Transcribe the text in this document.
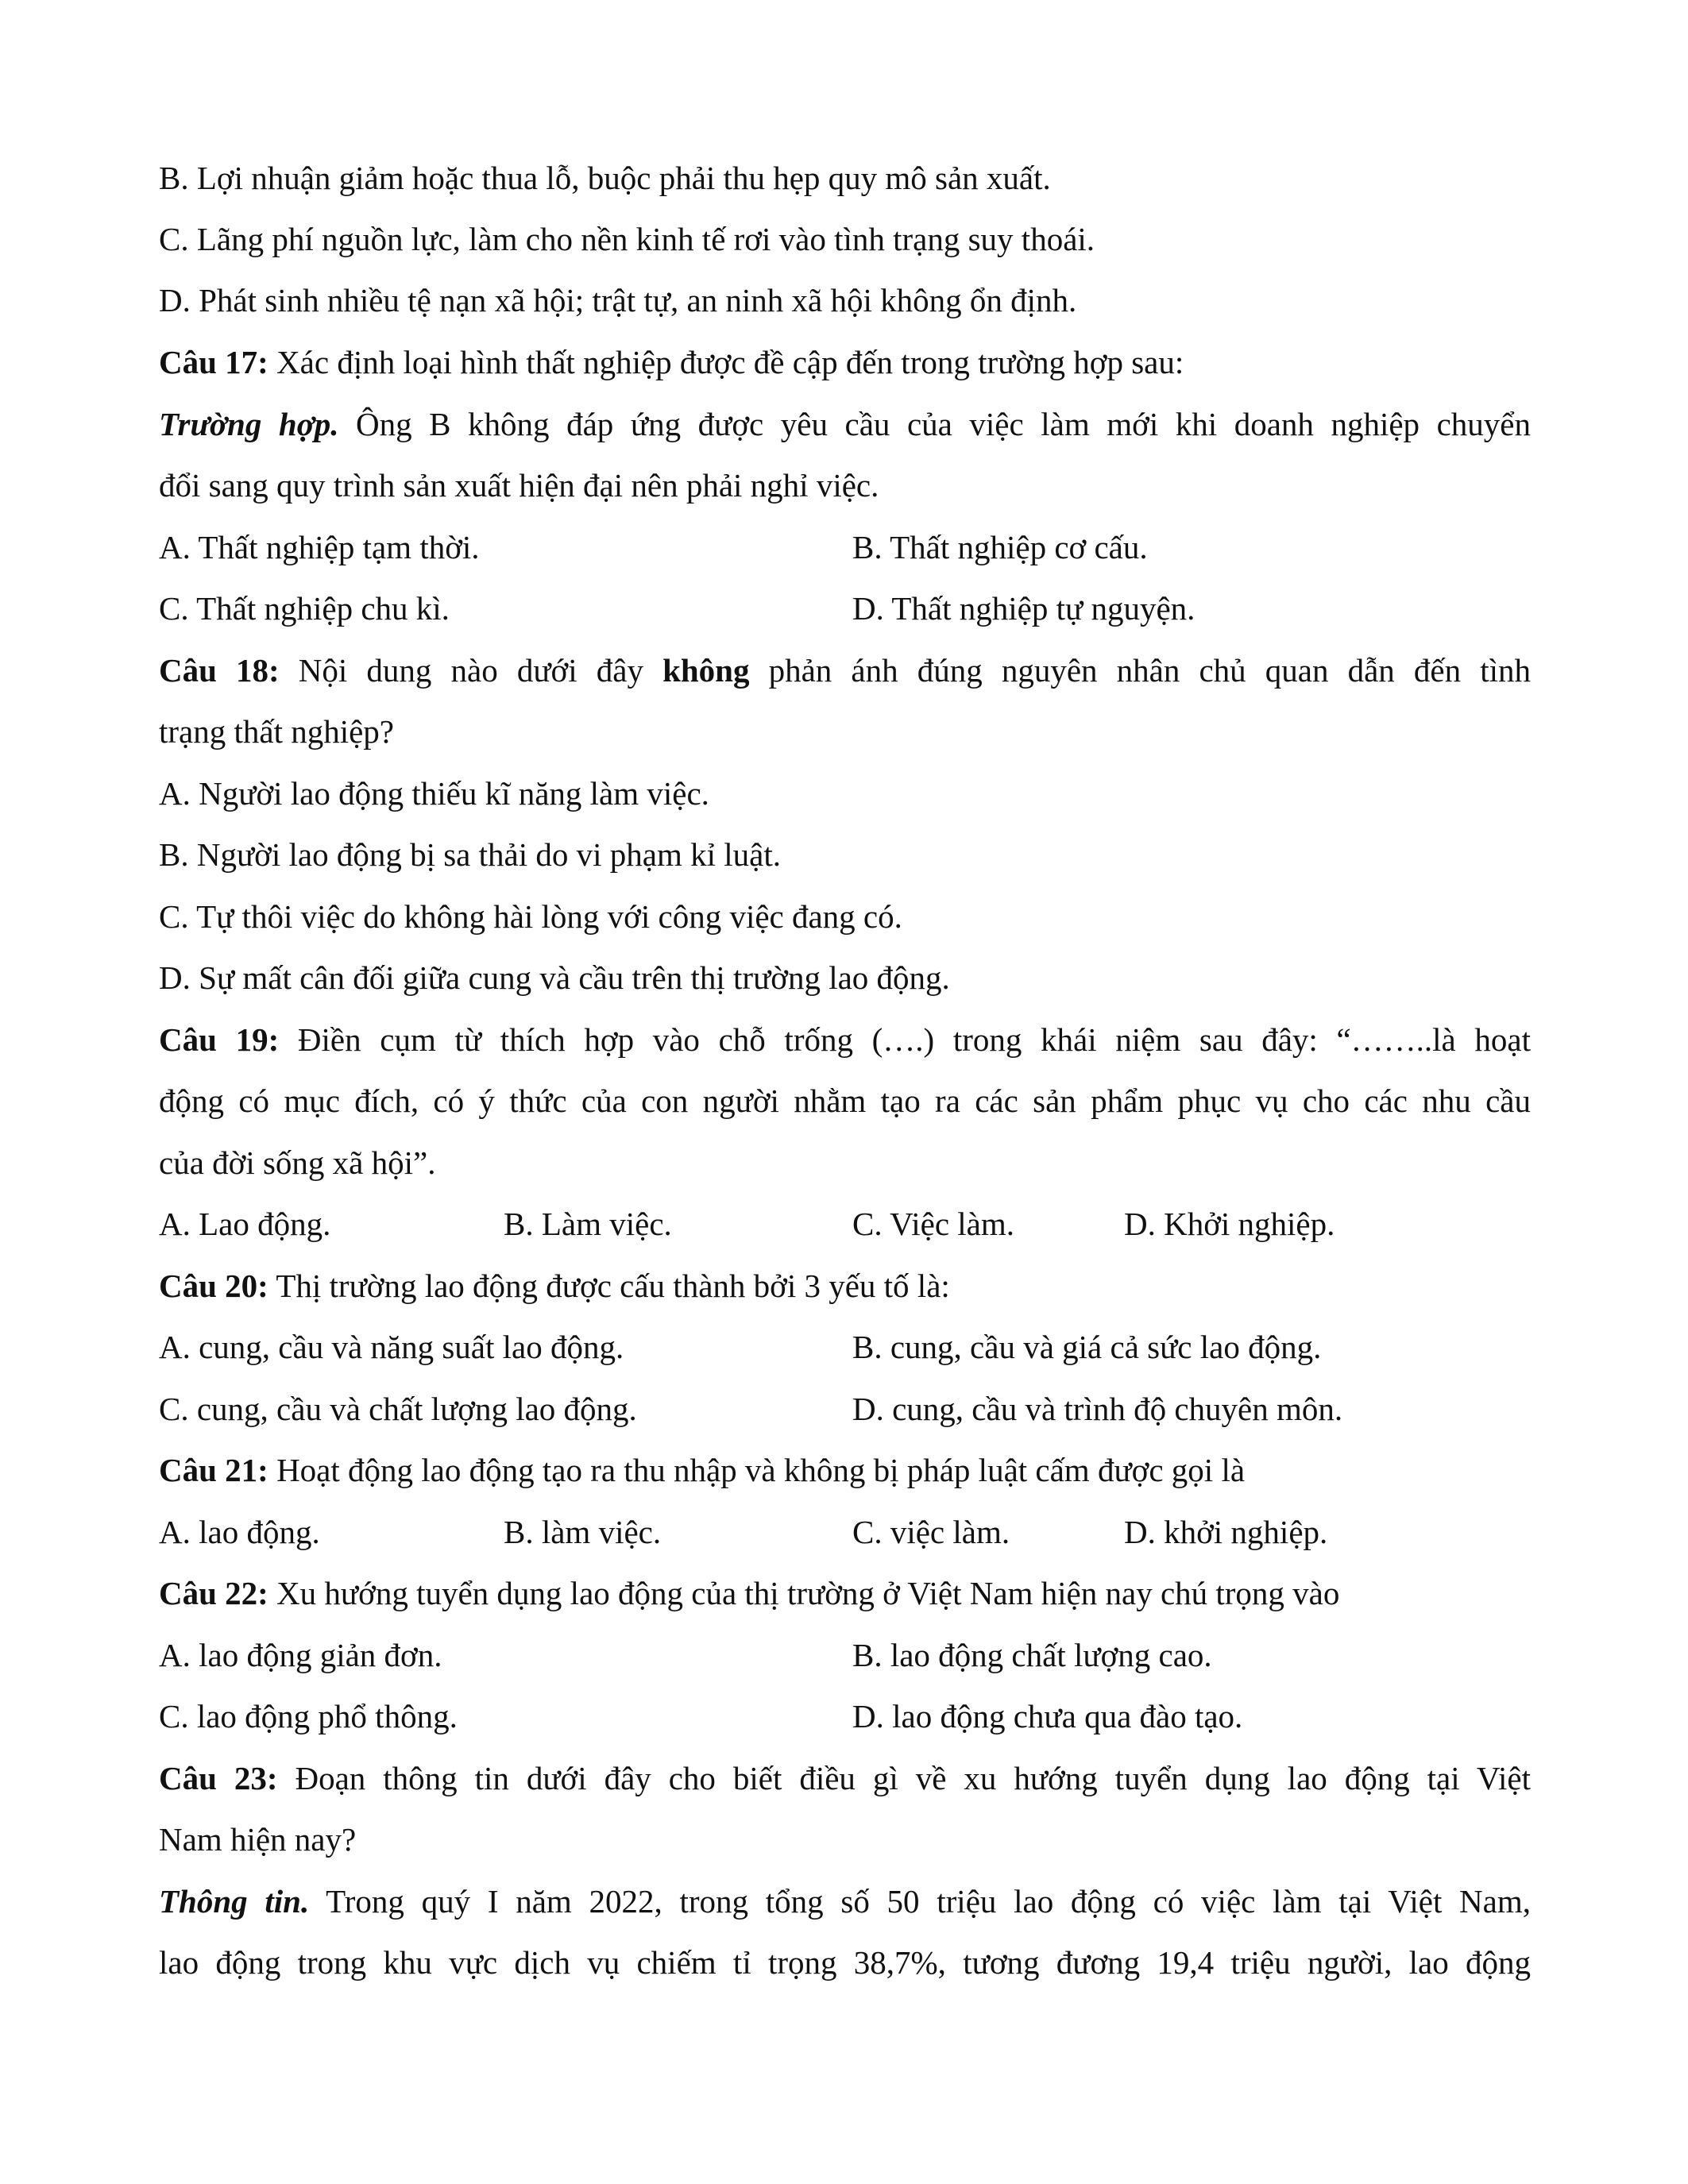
B. Lợi nhuận giảm hoặc thua lỗ, buộc phải thu hẹp quy mô sản xuất.
C. Lãng phí nguồn lực, làm cho nền kinh tế rơi vào tình trạng suy thoái.
D. Phát sinh nhiều tệ nạn xã hội; trật tự, an ninh xã hội không ổn định.
Câu 17: Xác định loại hình thất nghiệp được đề cập đến trong trường hợp sau:
Trường hợp. Ông B không đáp ứng được yêu cầu của việc làm mới khi doanh nghiệp chuyển
đổi sang quy trình sản xuất hiện đại nên phải nghỉ việc.
A. Thất nghiệp tạm thời.	B. Thất nghiệp cơ cấu.
C. Thất nghiệp chu kì.	D. Thất nghiệp tự nguyện.
Câu 18: Nội dung nào dưới đây không phản ánh đúng nguyên nhân chủ quan dẫn đến tình
trạng thất nghiệp?
A. Người lao động thiếu kĩ năng làm việc.
B. Người lao động bị sa thải do vi phạm kỉ luật.
C. Tự thôi việc do không hài lòng với công việc đang có.
D. Sự mất cân đối giữa cung và cầu trên thị trường lao động.
Câu 19: Điền cụm từ thích hợp vào chỗ trống (….) trong khái niệm sau đây: “……..là hoạt
động có mục đích, có ý thức của con người nhằm tạo ra các sản phẩm phục vụ cho các nhu cầu
của đời sống xã hội”.
A. Lao động.	B. Làm việc.	C. Việc làm.	D. Khởi nghiệp.
Câu 20: Thị trường lao động được cấu thành bởi 3 yếu tố là:
A. cung, cầu và năng suất lao động.	B. cung, cầu và giá cả sức lao động.
C. cung, cầu và chất lượng lao động.	D. cung, cầu và trình độ chuyên môn.
Câu 21: Hoạt động lao động tạo ra thu nhập và không bị pháp luật cấm được gọi là
A. lao động.	B. làm việc.	C. việc làm.	D. khởi nghiệp.
Câu 22: Xu hướng tuyển dụng lao động của thị trường ở Việt Nam hiện nay chú trọng vào
A. lao động giản đơn.	B. lao động chất lượng cao.
C. lao động phổ thông.	D. lao động chưa qua đào tạo.
Câu 23: Đoạn thông tin dưới đây cho biết điều gì về xu hướng tuyển dụng lao động tại Việt
Nam hiện nay?
Thông tin. Trong quý I năm 2022, trong tổng số 50 triệu lao động có việc làm tại Việt Nam,
lao động trong khu vực dịch vụ chiếm tỉ trọng 38,7%, tương đương 19,4 triệu người, lao động
